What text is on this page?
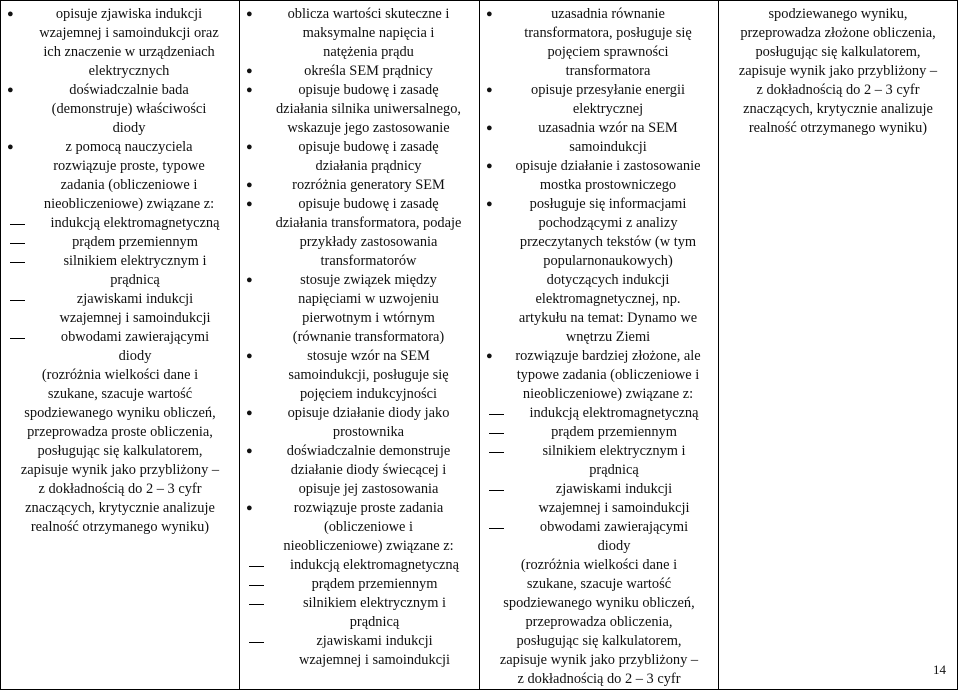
● opisuje zjawiska indukcji
wzajemnej i samoindukcji oraz
ich znaczenie w urządzeniach
elektrycznych
● doświadczalnie bada
(demonstruje) właściwości
diody
● z pomocą nauczyciela
rozwiązuje proste, typowe
zadania (obliczeniowe i
nieobliczeniowe) związane z:
indukcją elektromagnetyczną
prądem przemiennym
silnikiem elektrycznym i
prądnicą
zjawiskami indukcji
wzajemnej i samoindukcji
obwodami zawierającymi
diody
(rozróżnia wielkości dane i
szukane, szacuje wartość
spodziewanego wyniku obliczeń,
przeprowadza proste obliczenia,
posługując się kalkulatorem,
zapisuje wynik jako przybliżony –
z dokładnością do 2 – 3 cyfr
znaczących, krytycznie analizuje
realność otrzymanego wyniku)

● oblicza wartości skuteczne i
maksymalne napięcia i
natężenia prądu
● określa SEM prądnicy
● opisuje budowę i zasadę
działania silnika uniwersalnego,
wskazuje jego zastosowanie
● opisuje budowę i zasadę
działania prądnicy
● rozróżnia generatory SEM
● opisuje budowę i zasadę
działania transformatora, podaje
przykłady zastosowania
transformatorów
● stosuje związek między
napięciami w uzwojeniu
pierwotnym i wtórnym
(równanie transformatora)
● stosuje wzór na SEM
samoindukcji, posługuje się
pojęciem indukcyjności
● opisuje działanie diody jako
prostownika
● doświadczalnie demonstruje
działanie diody świecącej i
opisuje jej zastosowania
● rozwiązuje proste zadania
(obliczeniowe i
nieobliczeniowe) związane z:
indukcją elektromagnetyczną
prądem przemiennym
silnikiem elektrycznym i
prądnicą
zjawiskami indukcji
wzajemnej i samoindukcji

● uzasadnia równanie
transformatora, posługuje się
pojęciem sprawności
transformatora
● opisuje przesyłanie energii
elektrycznej
● uzasadnia wzór na SEM
samoindukcji
● opisuje działanie i zastosowanie
mostka prostowniczego
● posługuje się informacjami
pochodzącymi z analizy
przeczytanych tekstów (w tym
popularnonaukowych)
dotyczących indukcji
elektromagnetycznej, np.
artykułu na temat: Dynamo we
wnętrzu Ziemi
● rozwiązuje bardziej złożone, ale
typowe zadania (obliczeniowe i
nieobliczeniowe) związane z:
indukcją elektromagnetyczną
prądem przemiennym
silnikiem elektrycznym i
prądnicą
zjawiskami indukcji
wzajemnej i samoindukcji
obwodami zawierającymi
diody
(rozróżnia wielkości dane i
szukane, szacuje wartość
spodziewanego wyniku obliczeń,
przeprowadza obliczenia,
posługując się kalkulatorem,
zapisuje wynik jako przybliżony –
z dokładnością do 2 – 3 cyfr

spodziewanego wyniku,
przeprowadza złożone obliczenia,
posługując się kalkulatorem,
zapisuje wynik jako przybliżony –
z dokładnością do 2 – 3 cyfr
znaczących, krytycznie analizuje
realność otrzymanego wyniku)
14
